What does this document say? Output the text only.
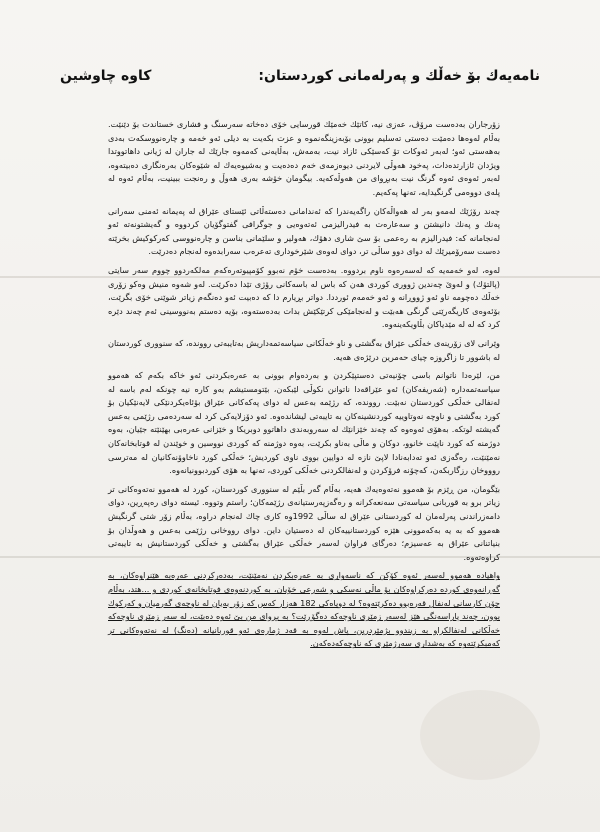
نامەیەك بۆ خەڵك و پەرلەمانی كوردستان:
كاوە چاوشین

زۆرجاران بەدەست مرۆڤ، عەزی نیە، كاتێك خەمێك قورسایی خۆی دەخاتە سەرسنگ و فشاری خستاندت بۆ دێنێت. بەڵام لەوەها دەمێت دەستی تەسلیم بوونی بۆبەزینگەنموە و عزت بکەیت بە دیلی ئەو خەمە و چارەنووسکەت بەدی بەهەستی ئەو؛ لەبەر ئەوکات تۆ کەسێکی ئازاد نیت، بەمەش، بەڵایەنی کەمەوە جارێك لە جاران لە ژیانی داهاتووتدا ویژدان ئازارتدەدات، پەخود هەوڵی لایردنی دیوەزمەی خەم دەدەیت و بەشیوەیەك لە شێوەكان بەرەنگاری دەبیتەوە، لەبەر ئەوەی ئەوە گرنگ نیت بەبڕوای من هەوڵەکەیە. بیگومان خۆشە بەری هەوڵ و رەنجت ببینیت، بەڵام ئەوە لە پلەی دووەمی گرنگیدایە، تەنها پەکەیم.

چەند رۆژێك لەمەو بەر لە هەواڵەكان راگەیەندرا كە ئەندامانی دەستەڵاتی ئێستای عێراق لە پەیمانە ئەمنی سەرانی پەنك و پەنك دانیشتن و سەعارەت بە فیدرالیزمی ئەتەوەیی و جوگرافی گفتوگۆیان کردووە و گەیشتونەتە ئەو لەنجامانە کە: فیدرالیزم بە رەعمی بۆ سێ شاری دهۆك، هەولیر و سلێمانی بناسن و چارەنووسی کەرکوکیش بخرێتە دەست سەرۆمیرێك لە دوای دوو ساڵی تر، دوای لەوەی شێرخوداری تەعرەب سەرابدەوە لەنجام دەدرێت.

لەوە، لەو خەمەیە کە لەسەرەوە ناوم بردووە. بەدەست خۆم نەبوو کۆمپیوتەرەکەم مەلکەردوو چووم سەر سایتی (پالتۆك) و لەوێ چەندین ژووری کوردی هەن کە باس لە باسەکانی رۆژی تێدا دەکرێت. لەو شەوە منیش وەکو زۆری خەڵك دەچومە ناو ئەو ژووڕانە و ئەو خەمەم ئورددا. دواتر بڕیارم دا کە دەبیت ئەو دەنگەم زیاتر شوێنی خۆی بگرێت، بۆئەوەی کاریگەرێتی گرنگی هەبێت و لەنجامێکی کرتێکێش بدات بەدەستەوە، بۆیە دەستم بەنووسینی ئەم چەند دێرە کرد کە لە لە مێدیاکان بڵاویکەینەوە.

وێرانی لای زۆرینەی خەڵکی عێراق بەگشتی و ناو خەڵکانی سیاسەتمەداریش بەتایبەتی رووندە، کە سنووری کوردستان لە باشوور تا زاگروزە چیای حەمرین درێژەی هەیە.

من، لێرەدا ناتوانم باسی چۆنیەتی دەستپێکردن و بەردەوام بوونی بە عەرەبکردنی ئەو خاکە بکەم کە هەموو سیاسەتمەدارە (شەریفەکان) ئەو عێراقەدا ناتوانن نکوڵی لێبکەن، بێتومستیشم بەو کارە نیە چونکە لەم باسە لە لەنفالی خەڵکی کوردستان نەبێت. رووندە، کە رژێمە بەعس لە دوای پەکەکانی عێراق بۆئاەیکردنێکی لایەنێکیان بۆ کورد بەگشتی و ناوچە نەوتاوییە کوردنشینەکان بە تایبەتی لیشاندەوە. ئەو دۆزلایەکی کرد لە سەردەمی رژێمی بەعس گەیشتە لوتکە. بەهۆی ئەوەوە کە چەند خێزانێك لە سەروبەندی داهاتوو دوبریکا و خێزانی عەرەبی بهێنێتە جێیان، بەوە دوژمنە کە کورد ناپێت خانوو، دوکان و ماڵی بەناو بکرێت، بەوە دوژمنە کە کوردی نووسین و خوێندن لە قوتابخانەکان نەمێنێت، رەگەزی ئەو تەدابەنادا لاپێ نازە لە دوایین بووی ناوی کوردیش؛ خەڵکی کورد ناخاوۆنەکانیان لە مەترسی روووخان رزگاربکەن، کەچۆنە فرۆکردن و لەنفالکردنی خەڵکی کوردی، تەنها بە هۆی کوردبوونیانەوە.

بێگومان، من ڕێزم بۆ هەموو نەتەوەیەك هەیە، بەڵام گەر بڵێم لە سنووری کوردستان، کورد لە هەموو نەتەوەکانی تر زیاتر برو بە قوربانی سیاسەتی سەنعەکرانە و رەگەزپەرستیانەی رژێمەکان؛ راستم وتووە. ئیستە دوای رەپەڕین، دوای دامەزراندنی پەرلەمان لە کوردستانی عێراق لە ساڵی 1992وە کاری چاك لەنجام دراوە، بەڵام زۆر شتی گرنگیش هەموو کە بە یە بەکەموونی هێزە کوردستانییەکان لە دەستیان داین. دوای رووخانی رژێمی بەعس و هەوڵدان بۆ بنیاتنانی عێراق بە عەسیزم؛ دەرگای فراوان لەسەر خەڵکی عێراق بەگشتی و خەڵکی کوردستانیش بە تایبەتی کراوەتەوە.

واهیادە هەموو لەسەر ئەوە کۆکن کە ناسەواری بە عەرەبکردن نەمێنێت، بەدەرکردنی عەرەبە هێنراوەکان، بە گەڕانەوەی کوردە دەرکراوەکان بۆ ماڵی نەسکی و شەرعی خۆیان، بە کوردنەوەی فوتابخانەی کوردی و ...هتد، بەڵام چۆن کارسانی لەنفال قەرەبوو دەکرێتەوە؟ لە دوپاەکی 182 هەزار کەس کە زۆر بەیان لە ناوچەی گەرمیان و کەرکوك بوون، چەند پاراسەنگی هێز لەسەر زمێری ناوچەکە دەگۆڕێت؟ بە بڕوای من بێ ئەوە دەبێت، لە سەر زمێری ناوچەکە خەڵکانی لەنفالکراو بە زیندوو بژمێردرین، پاش لەوە بە قەد ژمارەی ئەو قوربانیانە (دەنگ) لە نەتەوەکانی تر کەمبکرێتەوە کە بەشداری سەرژمێری کە ناوچەکەدەکەن.
